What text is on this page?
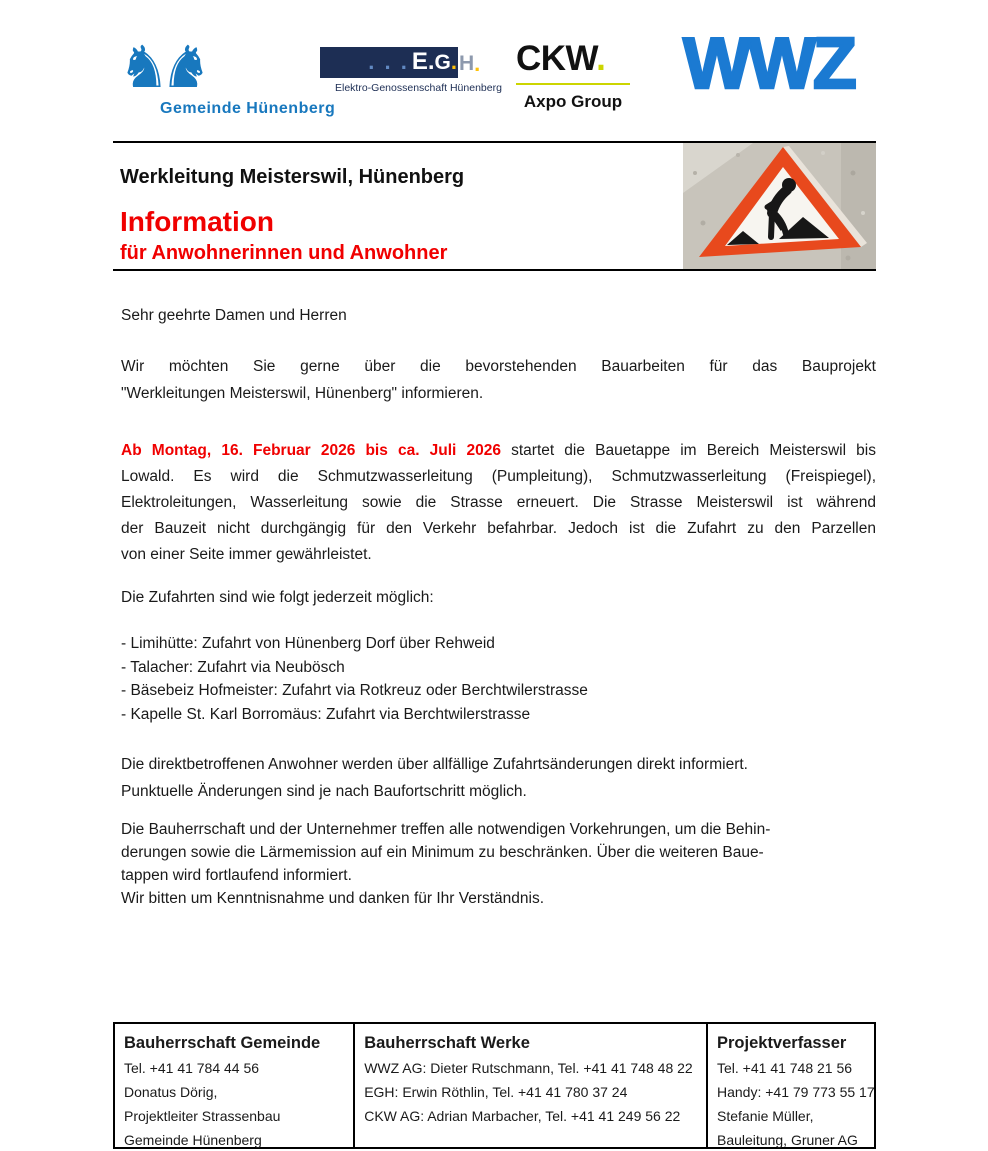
♞♞
Gemeinde Hünenberg
. . . E. G . H .
Elektro-Genossenschaft Hünenberg
CKW.
Axpo Group WWZ
Werkleitung Meisterswil, Hünenberg
Information
für Anwohnerinnen und Anwohner
Sehr geehrte Damen und Herren
Wir möchten Sie gerne über die bevorstehenden Bauarbeiten für das Bauprojekt
"Werkleitungen Meisterswil, Hünenberg" informieren.
Ab Montag, 16. Februar 2026 bis ca. Juli 2026 startet die Bauetappe im Bereich Meisterswil bis
Lowald. Es wird die Schmutzwasserleitung (Pumpleitung), Schmutzwasserleitung (Freispiegel),
Elektroleitungen, Wasserleitung sowie die Strasse erneuert. Die Strasse Meisterswil ist während
der Bauzeit nicht durchgängig für den Verkehr befahrbar. Jedoch ist die Zufahrt zu den Parzellen
von einer Seite immer gewährleistet.
Die Zufahrten sind wie folgt jederzeit möglich:
- Limihütte: Zufahrt von Hünenberg Dorf über Rehweid
- Talacher: Zufahrt via Neubösch
- Bäsebeiz Hofmeister: Zufahrt via Rotkreuz oder Berchtwilerstrasse
- Kapelle St. Karl Borromäus: Zufahrt via Berchtwilerstrasse
Die direktbetroffenen Anwohner werden über allfällige Zufahrtsänderungen direkt informiert.
Punktuelle Änderungen sind je nach Baufortschritt möglich.
Die Bauherrschaft und der Unternehmer treffen alle notwendigen Vorkehrungen, um die Behin-
derungen sowie die Lärmemission auf ein Minimum zu beschränken. Über die weiteren Baue-
tappen wird fortlaufend informiert.
Wir bitten um Kenntnisnahme und danken für Ihr Verständnis.
Bauherrschaft Gemeinde
Tel. +41 41 784 44 56
Donatus Dörig,
Projektleiter Strassenbau
Gemeinde Hünenberg
Bauherrschaft Werke
WWZ AG: Dieter Rutschmann, Tel. +41 41 748 48 22
EGH: Erwin Röthlin, Tel. +41 41 780 37 24
CKW AG: Adrian Marbacher, Tel. +41 41 249 56 22
Projektverfasser
Tel. +41 41 748 21 56
Handy: +41 79 773 55 17
Stefanie Müller,
Bauleitung, Gruner AG
